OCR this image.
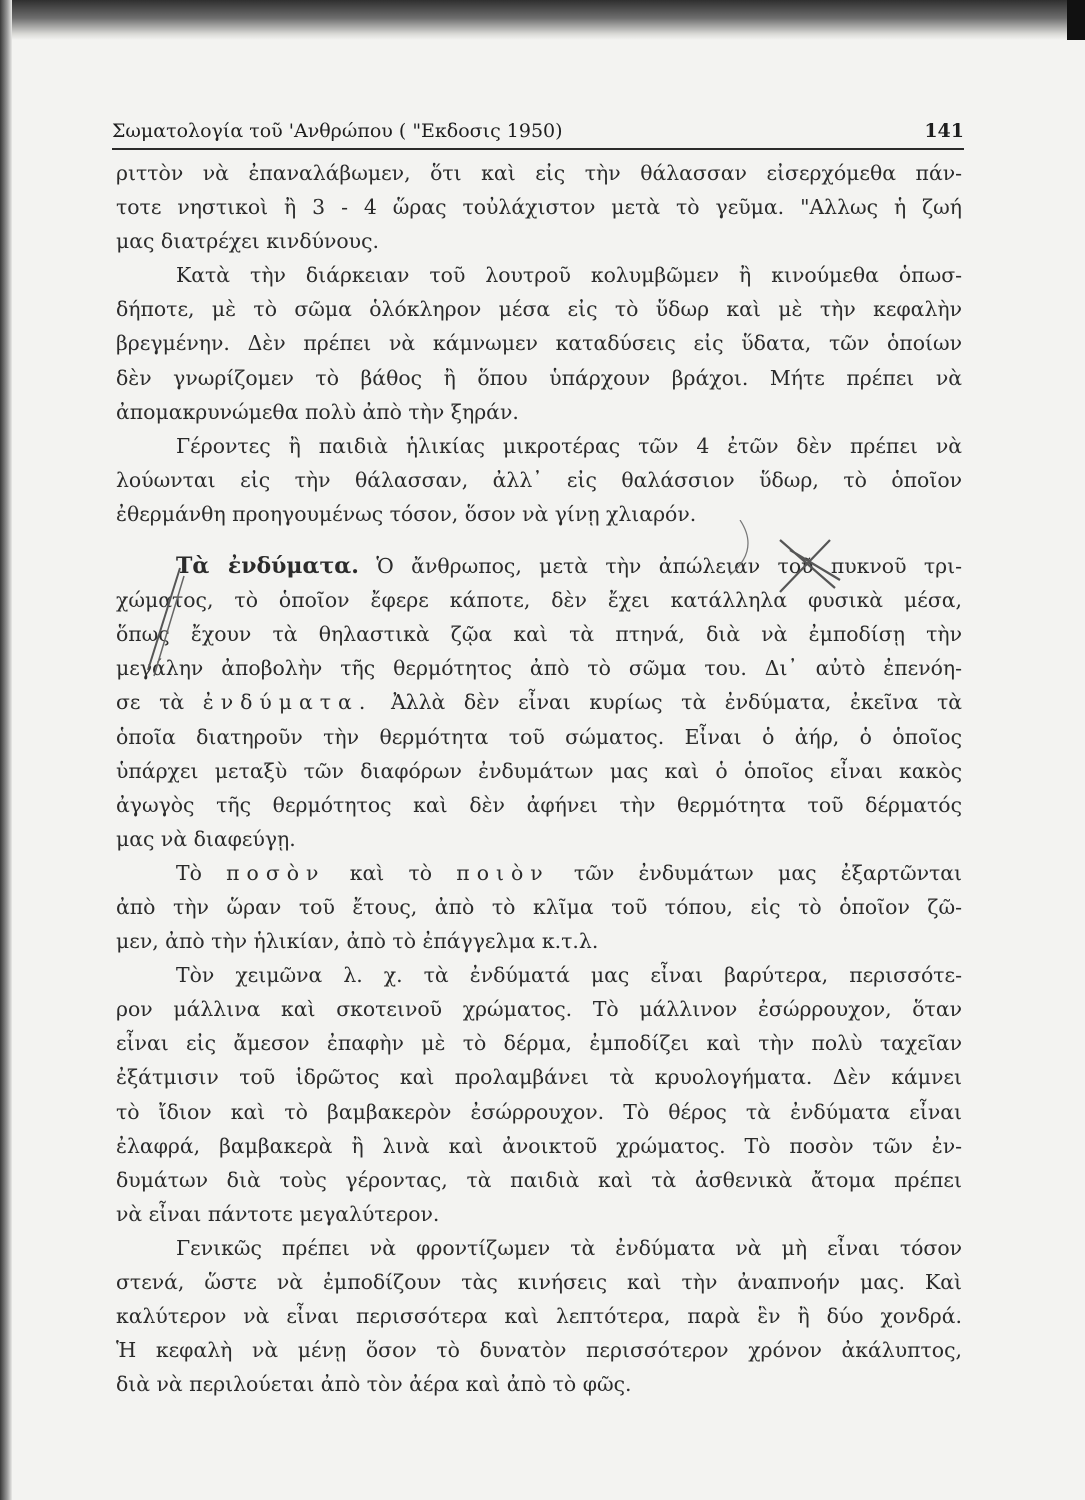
Σωματολογία τοῦ 'Ανθρώπου ( "Εκδοσις 1950)	141
ριττὸν νὰ ἐπαναλάβωμεν, ὅτι καὶ εἰς τὴν θάλασσαν εἰσερχόμεθα πάν-
τοτε νηστικοὶ ἢ 3 - 4 ὥρας τοὐλάχιστον μετὰ τὸ γεῦμα. "Αλλως ἡ ζωή
μας διατρέχει κινδύνους.
Κατὰ τὴν διάρκειαν τοῦ λουτροῦ κολυμβῶμεν ἢ κινούμεθα ὁπωσ-
δήποτε, μὲ τὸ σῶμα ὁλόκληρον μέσα εἰς τὸ ὕδωρ καὶ μὲ τὴν κεφαλὴν
βρεγμένην. Δὲν πρέπει νὰ κάμνωμεν καταδύσεις εἰς ὕδατα, τῶν ὁποίων
δὲν γνωρίζομεν τὸ βάθος ἢ ὅπου ὑπάρχουν βράχοι. Μήτε πρέπει νὰ
ἀπομακρυνώμεθα πολὺ ἀπὸ τὴν ξηράν.
Γέροντες ἢ παιδιὰ ἡλικίας μικροτέρας τῶν 4 ἐτῶν δὲν πρέπει νὰ
λούωνται εἰς τὴν θάλασσαν, ἀλλ᾽ εἰς θαλάσσιον ὕδωρ, τὸ ὁποῖον
ἐθερμάνθη προηγουμένως τόσον, ὅσον νὰ γίνῃ χλιαρόν.
Τὰ ἐνδύματα. Ὁ ἄνθρωπος, μετὰ τὴν ἀπώλειαν τοῦ πυκνοῦ τρι-
χώματος, τὸ ὁποῖον ἔφερε κάποτε, δὲν ἔχει κατάλληλα φυσικὰ μέσα,
ὅπως ἔχουν τὰ θηλαστικὰ ζῷα καὶ τὰ πτηνά, διὰ νὰ ἐμποδίσῃ τὴν
μεγάλην ἀποβολὴν τῆς θερμότητος ἀπὸ τὸ σῶμα του. Δι᾽ αὐτὸ ἐπενόη-
σε τὰ ἐνδύματα. Ἀλλὰ δὲν εἶναι κυρίως τὰ ἐνδύματα, ἐκεῖνα τὰ
ὁποῖα διατηροῦν τὴν θερμότητα τοῦ σώματος. Εἶναι ὁ ἀήρ, ὁ ὁποῖος
ὑπάρχει μεταξὺ τῶν διαφόρων ἐνδυμάτων μας καὶ ὁ ὁποῖος εἶναι κακὸς
ἀγωγὸς τῆς θερμότητος καὶ δὲν ἀφήνει τὴν θερμότητα τοῦ δέρματός
μας νὰ διαφεύγῃ.
Τὸ ποσὸν καὶ τὸ ποιὸν τῶν ἐνδυμάτων μας ἐξαρτῶνται
ἀπὸ τὴν ὥραν τοῦ ἔτους, ἀπὸ τὸ κλῖμα τοῦ τόπου, εἰς τὸ ὁποῖον ζῶ-
μεν, ἀπὸ τὴν ἡλικίαν, ἀπὸ τὸ ἐπάγγελμα κ.τ.λ.
Τὸν χειμῶνα λ. χ. τὰ ἐνδύματά μας εἶναι βαρύτερα, περισσότε-
ρον μάλλινα καὶ σκοτεινοῦ χρώματος. Τὸ μάλλινον ἐσώρρουχον, ὅταν
εἶναι εἰς ἄμεσον ἐπαφὴν μὲ τὸ δέρμα, ἐμποδίζει καὶ τὴν πολὺ ταχεῖαν
ἐξάτμισιν τοῦ ἱδρῶτος καὶ προλαμβάνει τὰ κρυολογήματα. Δὲν κάμνει
τὸ ἴδιον καὶ τὸ βαμβακερὸν ἐσώρρουχον. Τὸ θέρος τὰ ἐνδύματα εἶναι
ἐλαφρά, βαμβακερὰ ἢ λινὰ καὶ ἀνοικτοῦ χρώματος. Τὸ ποσὸν τῶν ἐν-
δυμάτων διὰ τοὺς γέροντας, τὰ παιδιὰ καὶ τὰ ἀσθενικὰ ἄτομα πρέπει
νὰ εἶναι πάντοτε μεγαλύτερον.
Γενικῶς πρέπει νὰ φροντίζωμεν τὰ ἐνδύματα νὰ μὴ εἶναι τόσον
στενά, ὥστε νὰ ἐμποδίζουν τὰς κινήσεις καὶ τὴν ἀναπνοήν μας. Καὶ
καλύτερον νὰ εἶναι περισσότερα καὶ λεπτότερα, παρὰ ἓν ἢ δύο χονδρά.
Ἡ κεφαλὴ νὰ μένῃ ὅσον τὸ δυνατὸν περισσότερον χρόνον ἀκάλυπτος,
διὰ νὰ περιλούεται ἀπὸ τὸν ἀέρα καὶ ἀπὸ τὸ φῶς.
